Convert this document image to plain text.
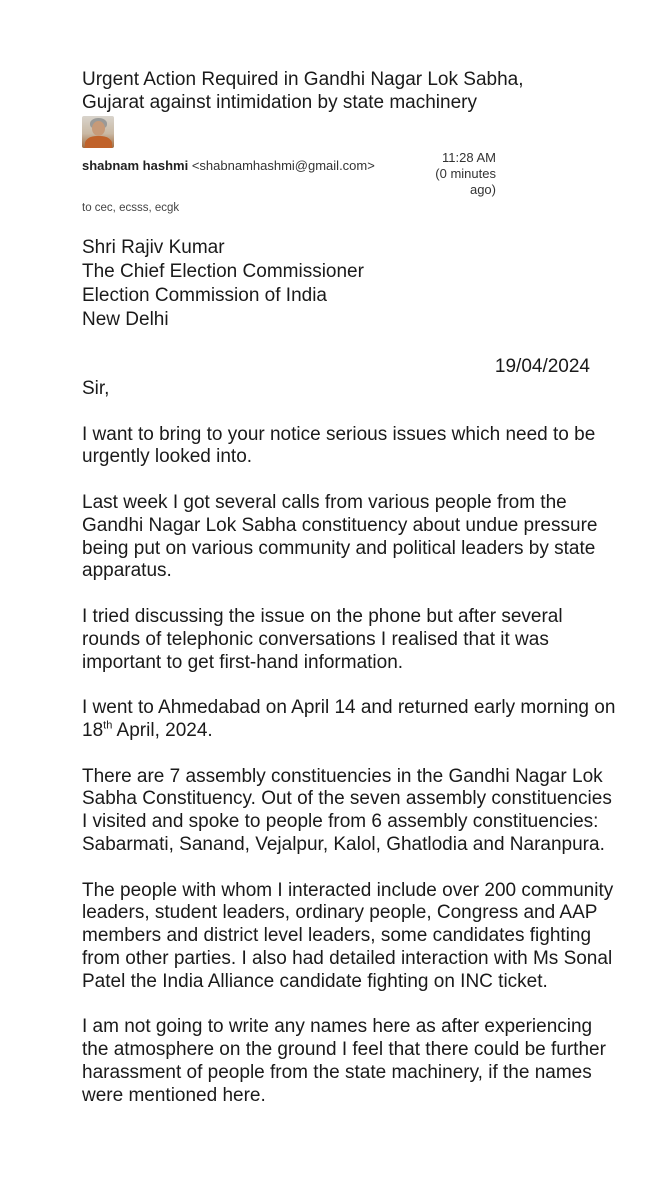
Urgent Action Required in Gandhi Nagar Lok Sabha,
Gujarat against intimidation by state machinery
shabnam hashmi <shabnamhashmi@gmail.com>
11:28 AM
(0 minutes
ago)
to cec, ecsss, ecgk
Shri Rajiv Kumar
The Chief Election Commissioner
Election Commission of India
New Delhi
19/04/2024

Sir,

I want to bring to your notice serious issues which need to be urgently looked into.

Last week I got several calls from various people from the Gandhi Nagar Lok Sabha constituency about undue pressure being put on various community and political leaders by state apparatus.

I tried discussing the issue on the phone but after several rounds of telephonic conversations I realised that it was important to get first-hand information.

I went to Ahmedabad on April 14 and returned early morning on 18th April, 2024.

There are 7 assembly constituencies in the Gandhi Nagar Lok Sabha Constituency. Out of the seven assembly constituencies I visited and spoke to people from 6 assembly constituencies: Sabarmati, Sanand, Vejalpur, Kalol, Ghatlodia and Naranpura.

The people with whom I interacted include over 200 community leaders, student leaders, ordinary people, Congress and AAP members and district level leaders, some candidates fighting from other parties. I also had detailed interaction with Ms Sonal Patel the India Alliance candidate fighting on INC ticket.

I am not going to write any names here as after experiencing the atmosphere on the ground I feel that there could be further harassment of people from the state machinery, if the names were mentioned here.
